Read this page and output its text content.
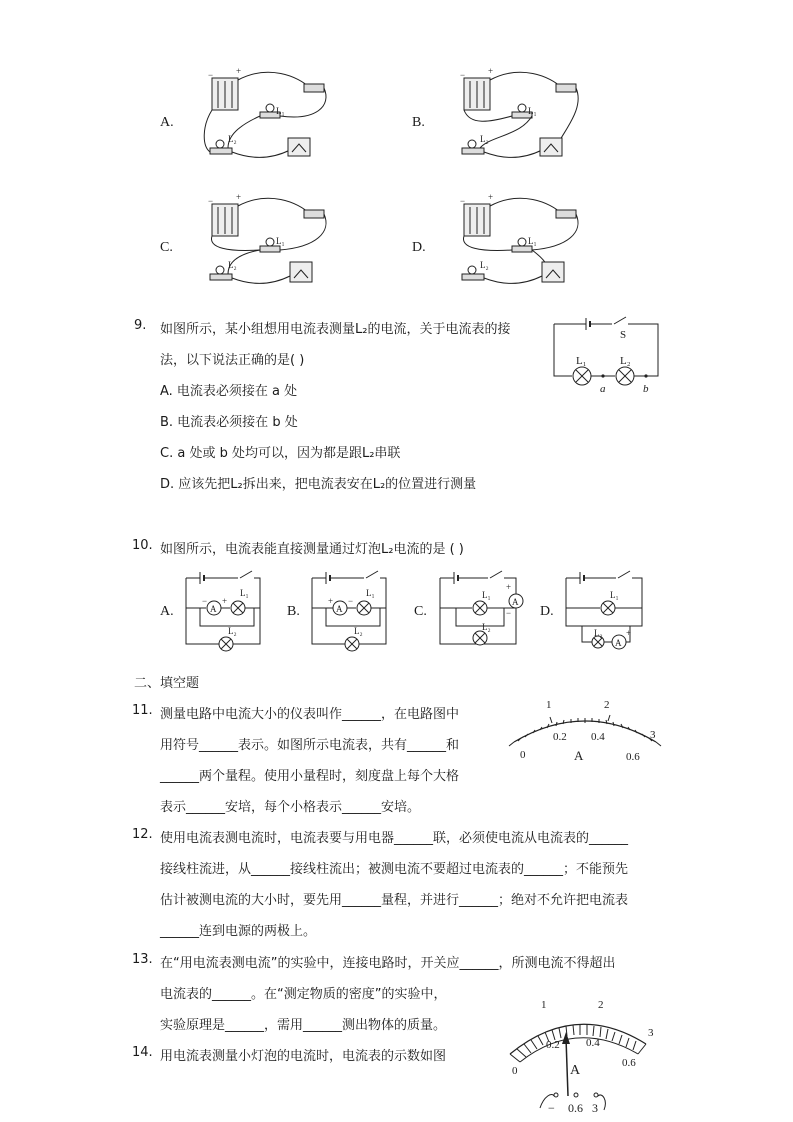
A.	B.
C.	D.
−	+
L₁
L₂
−	+
L₁
L₂
−	+
L₁
L₂
−	+
L₁
L₂
9. 如图所示，某小组想用电流表测量L₂的电流，关于电流表的接
法，以下说法正确的是( )
A. 电流表必须接在 a 处
B. 电流表必须接在 b 处
C. a 处或 b 处均可以，因为都是跟L₂串联
D. 应该先把L₂拆出来，把电流表安在L₂的位置进行测量
S
L₁	L₂
a	b
10. 如图所示，电流表能直接测量通过灯泡L₂电流的是 ( )
A.	B.	C.	D.
A
− +
L₁
L₂
A
+ −
L₁
L₂
A
+
−
L₁
L₂
A
L₁
L₂	+
二、填空题
11. 测量电路中电流大小的仪表叫作______，在电路图中
用符号______表示。如图所示电流表，共有______和
______两个量程。使用小量程时，刻度盘上每个大格
表示______安培，每个小格表示______安培。
1	2
3
0
0.2 0.4
0.6
A
12. 使用电流表测电流时，电流表要与用电器______联，必须使电流从电流表的______
接线柱流进，从______接线柱流出；被测电流不要超过电流表的______；不能预先
估计被测电流的大小时，要先用______量程，并进行______；绝对不允许把电流表
______连到电源的两极上。
13. 在“用电流表测电流”的实验中，连接电路时，开关应______，所测电流不得超出
电流表的______。在“测定物质的密度”的实验中，
实验原理是______，需用______测出物体的质量。
14. 用电流表测量小灯泡的电流时，电流表的示数如图
1	2
3
0
0.2 0.4
0.6
A
− 0.6 3
